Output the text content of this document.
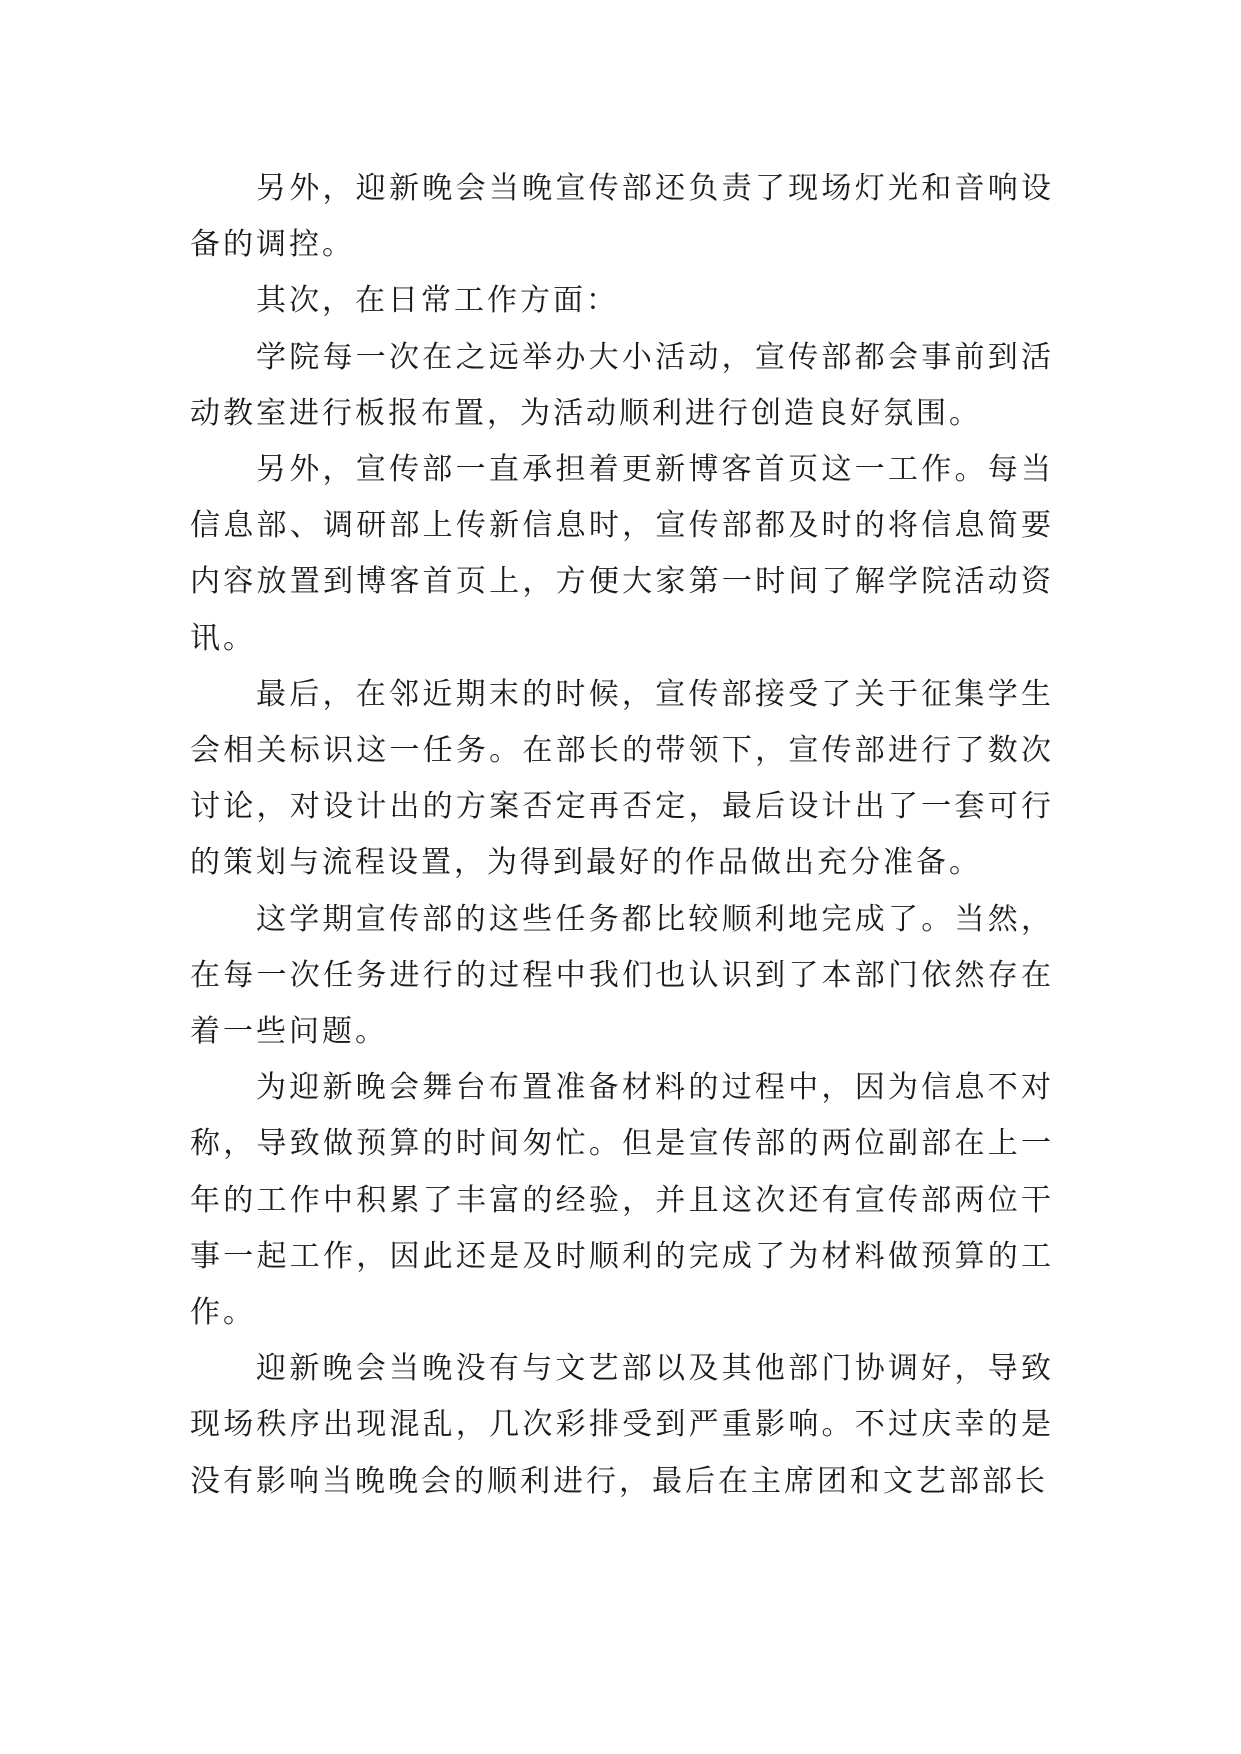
另外，迎新晚会当晚宣传部还负责了现场灯光和音响设备的调控。

其次，在日常工作方面：

学院每一次在之远举办大小活动，宣传部都会事前到活动教室进行板报布置，为活动顺利进行创造良好氛围。

另外，宣传部一直承担着更新博客首页这一工作。每当信息部、调研部上传新信息时，宣传部都及时的将信息简要内容放置到博客首页上，方便大家第一时间了解学院活动资讯。

最后，在邻近期末的时候，宣传部接受了关于征集学生会相关标识这一任务。在部长的带领下，宣传部进行了数次讨论，对设计出的方案否定再否定，最后设计出了一套可行的策划与流程设置，为得到最好的作品做出充分准备。

这学期宣传部的这些任务都比较顺利地完成了。当然，在每一次任务进行的过程中我们也认识到了本部门依然存在着一些问题。

为迎新晚会舞台布置准备材料的过程中，因为信息不对称，导致做预算的时间匆忙。但是宣传部的两位副部在上一年的工作中积累了丰富的经验，并且这次还有宣传部两位干事一起工作，因此还是及时顺利的完成了为材料做预算的工作。

迎新晚会当晚没有与文艺部以及其他部门协调好，导致现场秩序出现混乱，几次彩排受到严重影响。不过庆幸的是没有影响当晚晚会的顺利进行，最后在主席团和文艺部部长
